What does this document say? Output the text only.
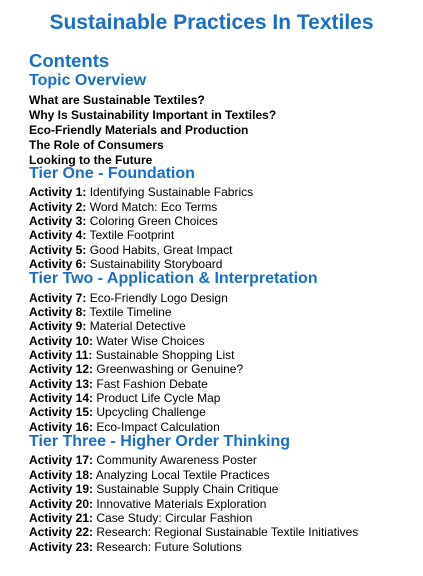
Sustainable Practices In Textiles
Contents
Topic Overview
What are Sustainable Textiles?
Why Is Sustainability Important in Textiles?
Eco-Friendly Materials and Production
The Role of Consumers
Looking to the Future
Tier One - Foundation
Activity 1: Identifying Sustainable Fabrics
Activity 2: Word Match: Eco Terms
Activity 3: Coloring Green Choices
Activity 4: Textile Footprint
Activity 5: Good Habits, Great Impact
Activity 6: Sustainability Storyboard
Tier Two - Application & Interpretation
Activity 7: Eco-Friendly Logo Design
Activity 8: Textile Timeline
Activity 9: Material Detective
Activity 10: Water Wise Choices
Activity 11: Sustainable Shopping List
Activity 12: Greenwashing or Genuine?
Activity 13: Fast Fashion Debate
Activity 14: Product Life Cycle Map
Activity 15: Upcycling Challenge
Activity 16: Eco-Impact Calculation
Tier Three - Higher Order Thinking
Activity 17: Community Awareness Poster
Activity 18: Analyzing Local Textile Practices
Activity 19: Sustainable Supply Chain Critique
Activity 20: Innovative Materials Exploration
Activity 21: Case Study: Circular Fashion
Activity 22: Research: Regional Sustainable Textile Initiatives
Activity 23: Research: Future Solutions
